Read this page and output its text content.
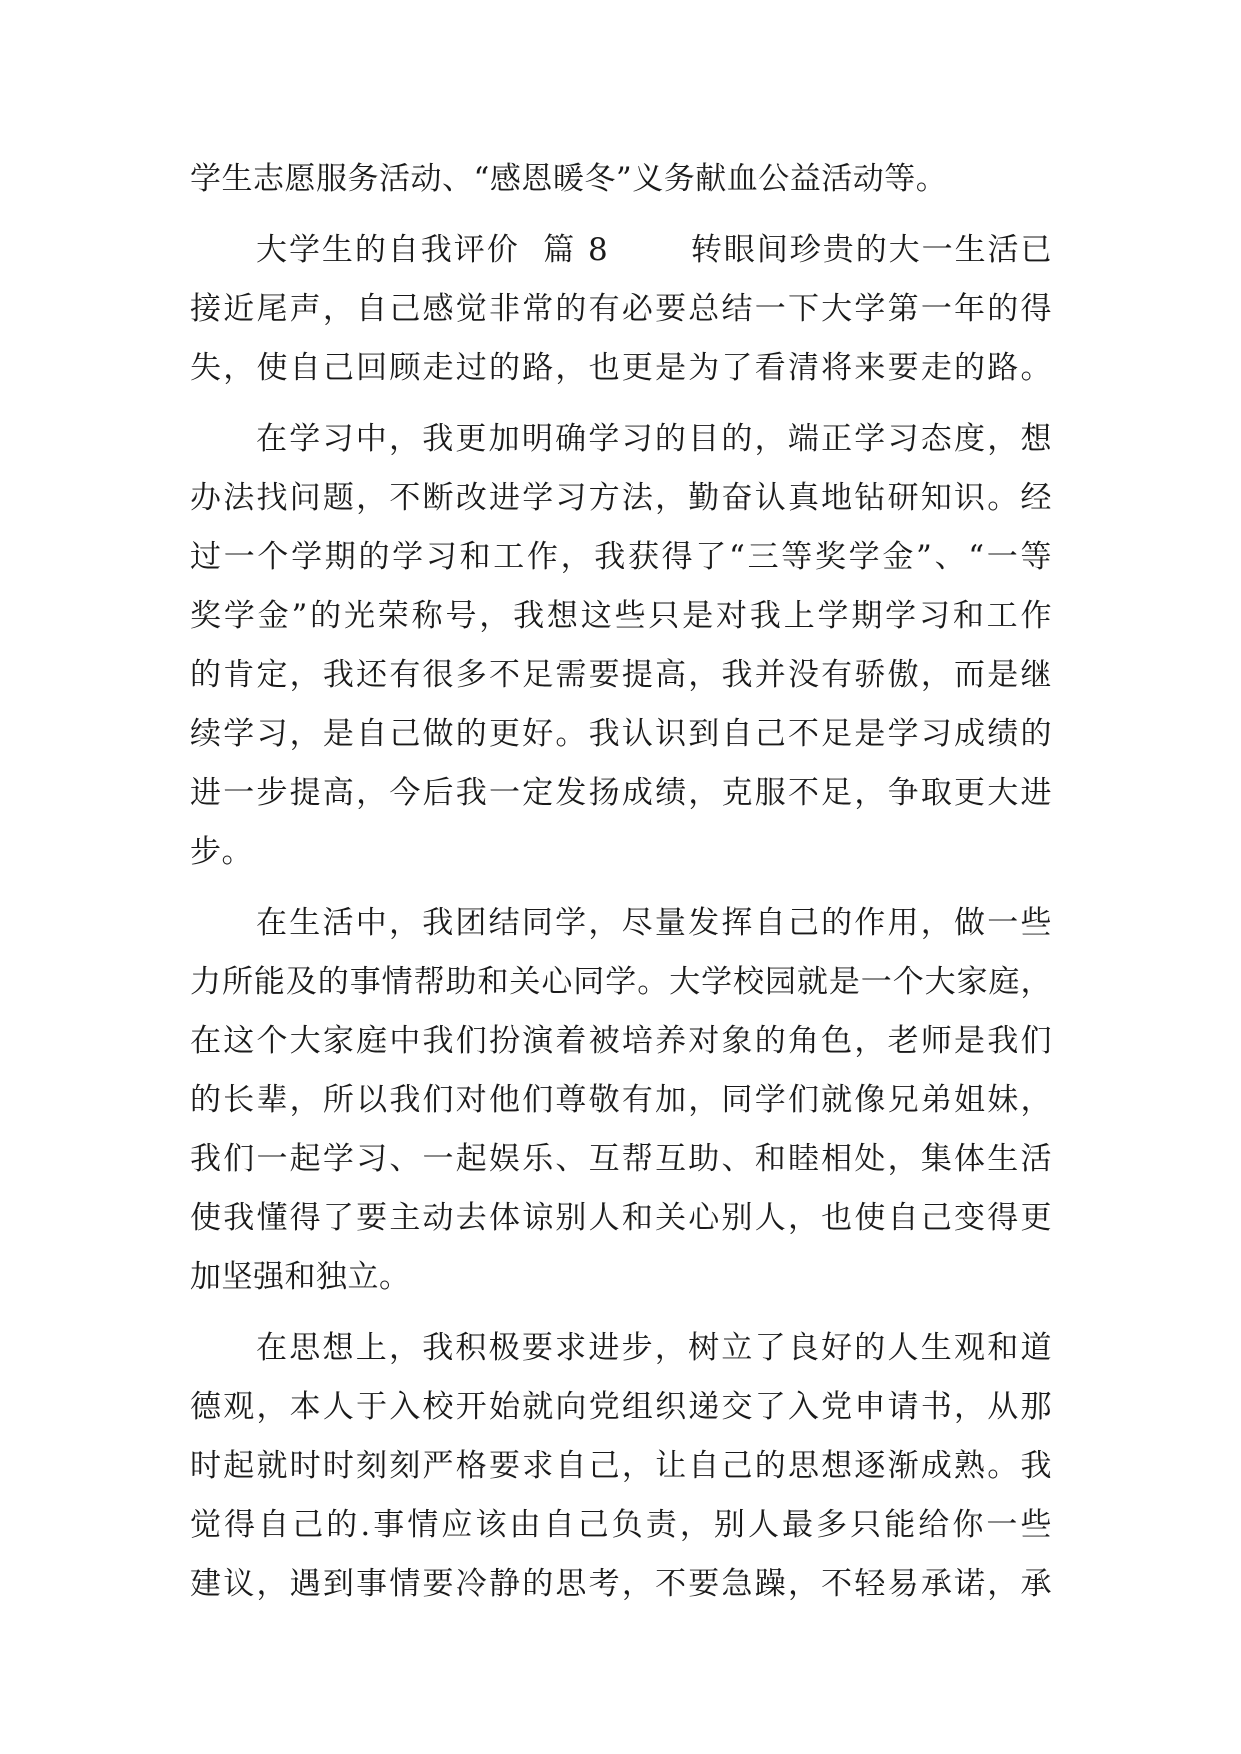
学生志愿服务活动、“感恩暖冬”义务献血公益活动等。
大学生的自我评价  篇 8       转眼间珍贵的大一生活已
接近尾声，自己感觉非常的有必要总结一下大学第一年的得
失，使自己回顾走过的路，也更是为了看清将来要走的路。
在学习中，我更加明确学习的目的，端正学习态度，想
办法找问题，不断改进学习方法，勤奋认真地钻研知识。经
过一个学期的学习和工作，我获得了“三等奖学金”、“一等
奖学金”的光荣称号，我想这些只是对我上学期学习和工作
的肯定，我还有很多不足需要提高，我并没有骄傲，而是继
续学习，是自己做的更好。我认识到自己不足是学习成绩的
进一步提高，今后我一定发扬成绩，克服不足，争取更大进
步。
在生活中，我团结同学，尽量发挥自己的作用，做一些
力所能及的事情帮助和关心同学。大学校园就是一个大家庭，
在这个大家庭中我们扮演着被培养对象的角色，老师是我们
的长辈，所以我们对他们尊敬有加，同学们就像兄弟姐妹，
我们一起学习、一起娱乐、互帮互助、和睦相处，集体生活
使我懂得了要主动去体谅别人和关心别人，也使自己变得更
加坚强和独立。
在思想上，我积极要求进步，树立了良好的人生观和道
德观，本人于入校开始就向党组织递交了入党申请书，从那
时起就时时刻刻严格要求自己，让自己的思想逐渐成熟。我
觉得自己的.事情应该由自己负责，别人最多只能给你一些
建议，遇到事情要冷静的思考，不要急躁，不轻易承诺，承
